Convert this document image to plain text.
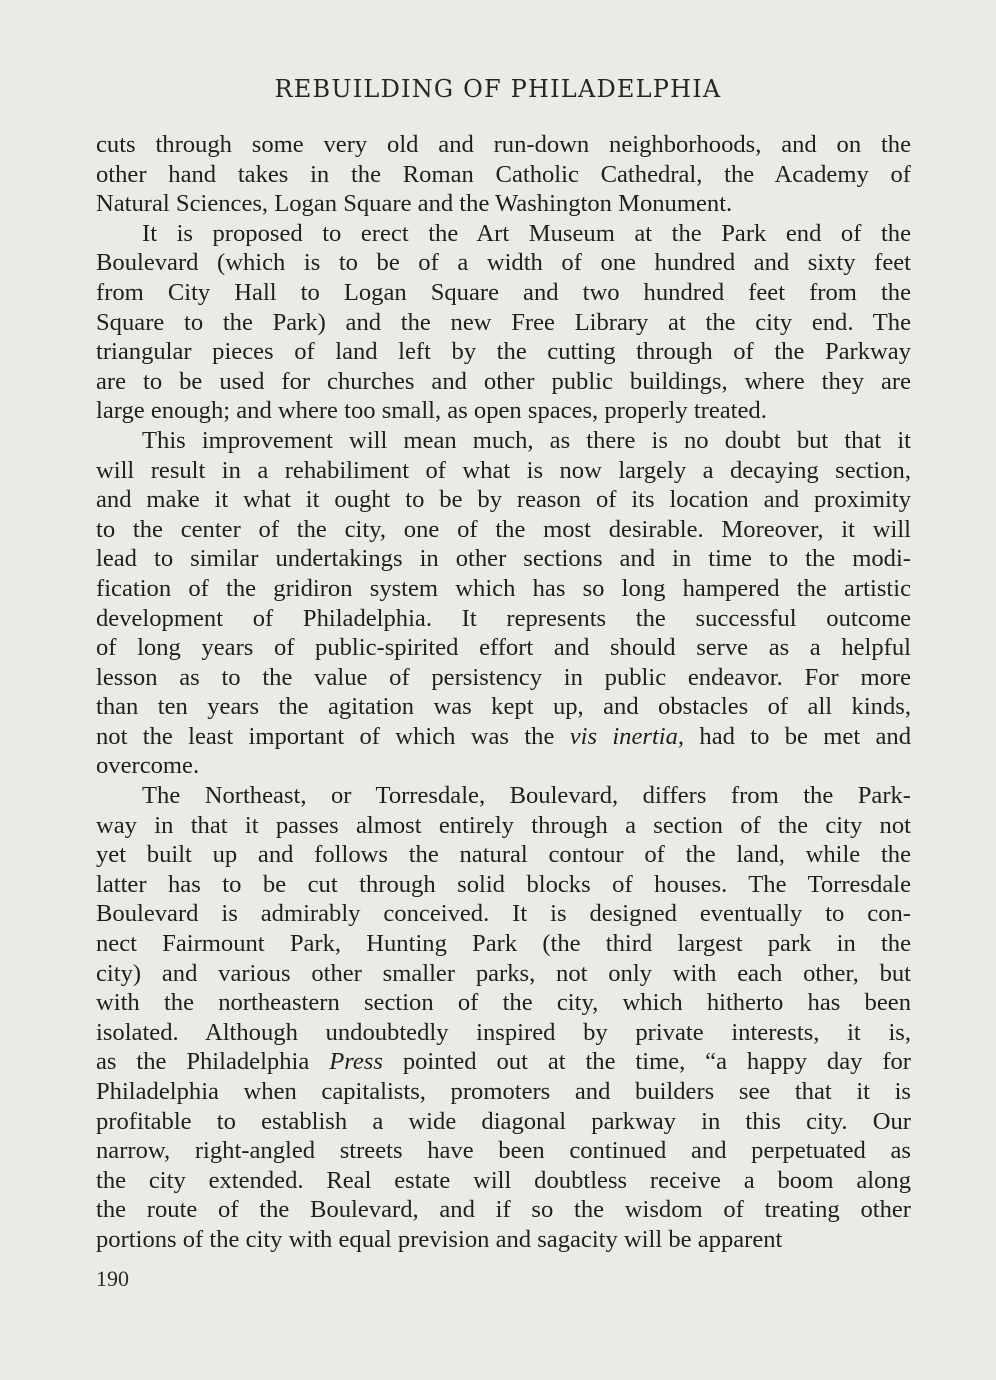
REBUILDING OF PHILADELPHIA
cuts through some very old and run-down neighborhoods, and on the
other hand takes in the Roman Catholic Cathedral, the Academy of
Natural Sciences, Logan Square and the Washington Monument.
It is proposed to erect the Art Museum at the Park end of the
Boulevard (which is to be of a width of one hundred and sixty feet
from City Hall to Logan Square and two hundred feet from the
Square to the Park) and the new Free Library at the city end. The
triangular pieces of land left by the cutting through of the Parkway
are to be used for churches and other public buildings, where they are
large enough; and where too small, as open spaces, properly treated.
This improvement will mean much, as there is no doubt but that it
will result in a rehabiliment of what is now largely a decaying section,
and make it what it ought to be by reason of its location and proximity
to the center of the city, one of the most desirable. Moreover, it will
lead to similar undertakings in other sections and in time to the modi-
fication of the gridiron system which has so long hampered the artistic
development of Philadelphia. It represents the successful outcome
of long years of public-spirited effort and should serve as a helpful
lesson as to the value of persistency in public endeavor. For more
than ten years the agitation was kept up, and obstacles of all kinds,
not the least important of which was the vis inertia, had to be met and
overcome.
The Northeast, or Torresdale, Boulevard, differs from the Park-
way in that it passes almost entirely through a section of the city not
yet built up and follows the natural contour of the land, while the
latter has to be cut through solid blocks of houses. The Torresdale
Boulevard is admirably conceived. It is designed eventually to con-
nect Fairmount Park, Hunting Park (the third largest park in the
city) and various other smaller parks, not only with each other, but
with the northeastern section of the city, which hitherto has been
isolated. Although undoubtedly inspired by private interests, it is,
as the Philadelphia Press pointed out at the time, “a happy day for
Philadelphia when capitalists, promoters and builders see that it is
profitable to establish a wide diagonal parkway in this city. Our
narrow, right-angled streets have been continued and perpetuated as
the city extended. Real estate will doubtless receive a boom along
the route of the Boulevard, and if so the wisdom of treating other
portions of the city with equal prevision and sagacity will be apparent
190
